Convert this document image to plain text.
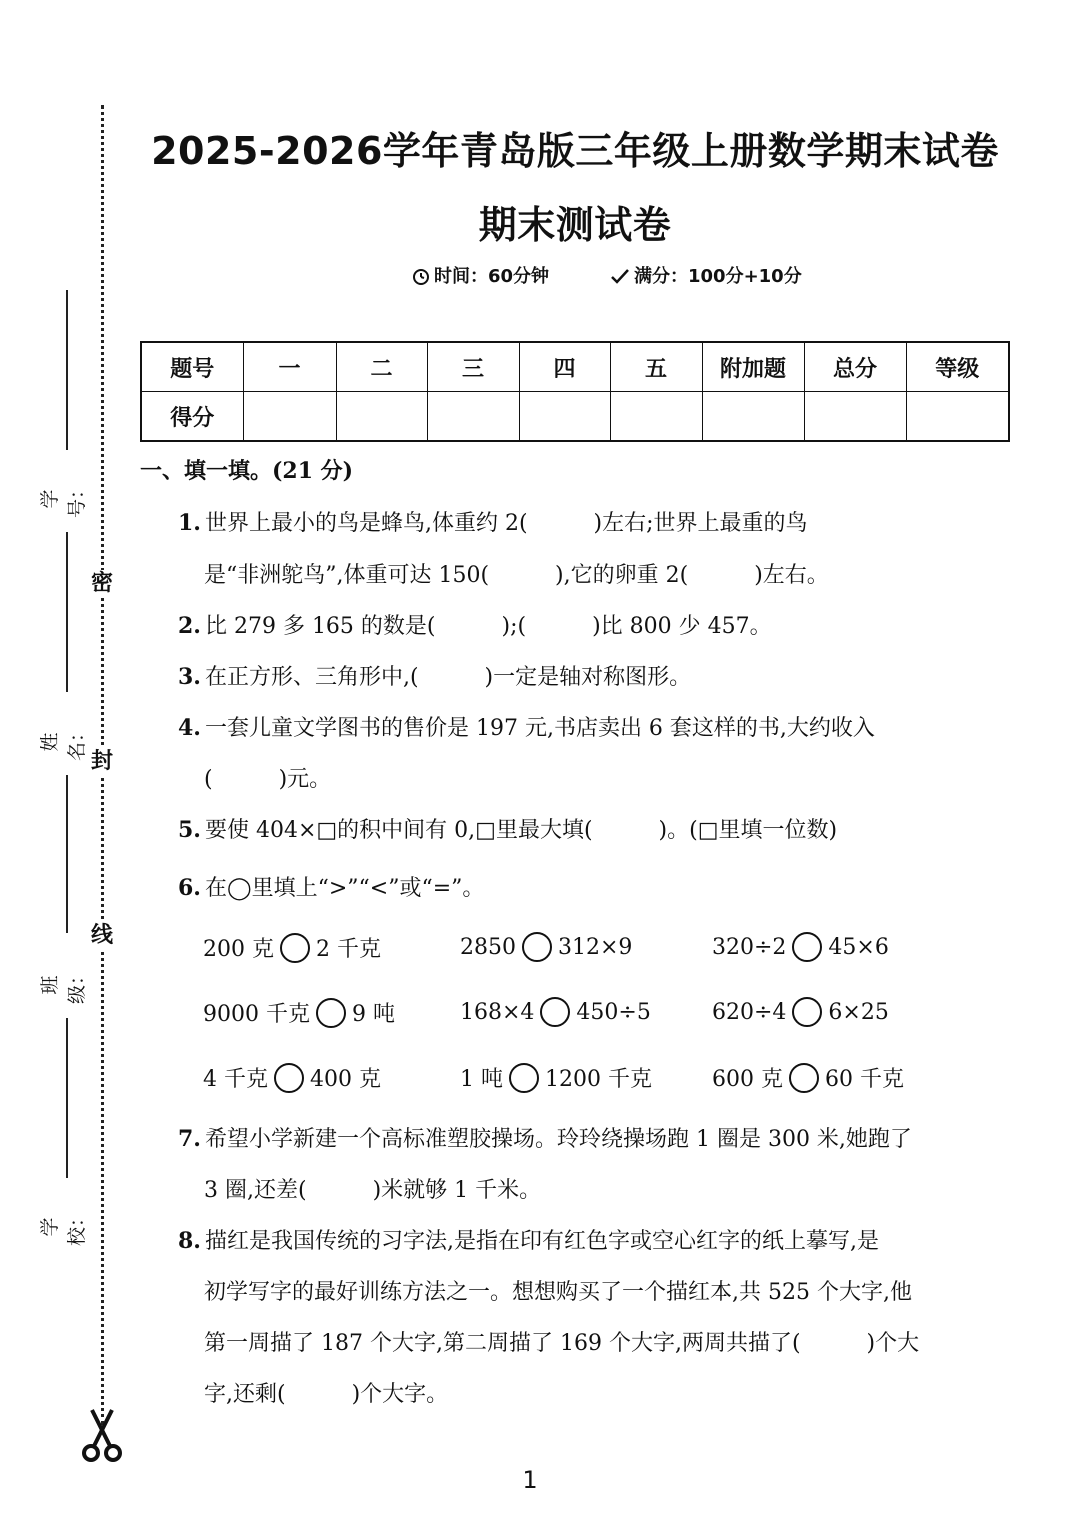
密
封
线
学号：
姓名：
班级：
学校：
2025-2026学年青岛版三年级上册数学期末试卷
期末测试卷
时间：60分钟	满分：100分+10分
题号	一	二	三	四	五	附加题	总分	等级
得分								
一、填一填。(21 分)
1. 世界上最小的鸟是蜂鸟,体重约 2(　　　)左右;世界上最重的鸟
是“非洲鸵鸟”,体重可达 150(　　　),它的卵重 2(　　　)左右。
2. 比 279 多 165 的数是(　　　);(　　　)比 800 少 457。
3. 在正方形、三角形中,(　　　)一定是轴对称图形。
4. 一套儿童文学图书的售价是 197 元,书店卖出 6 套这样的书,大约收入
(　　　)元。
5. 要使 404×□的积中间有 0,□里最大填(　　　)。(□里填一位数)
6. 在◯里填上“>”“<”或“=”。
200 克 2 千克	2850 312×9	320÷2 45×6
9000 千克 9 吨	168×4 450÷5	620÷4 6×25
4 千克 400 克	1 吨 1200 千克	600 克 60 千克
7. 希望小学新建一个高标准塑胶操场。玲玲绕操场跑 1 圈是 300 米,她跑了
3 圈,还差(　　　)米就够 1 千米。
8. 描红是我国传统的习字法,是指在印有红色字或空心红字的纸上摹写,是
初学写字的最好训练方法之一。想想购买了一个描红本,共 525 个大字,他
第一周描了 187 个大字,第二周描了 169 个大字,两周共描了(　　　)个大
字,还剩(　　　)个大字。
1
